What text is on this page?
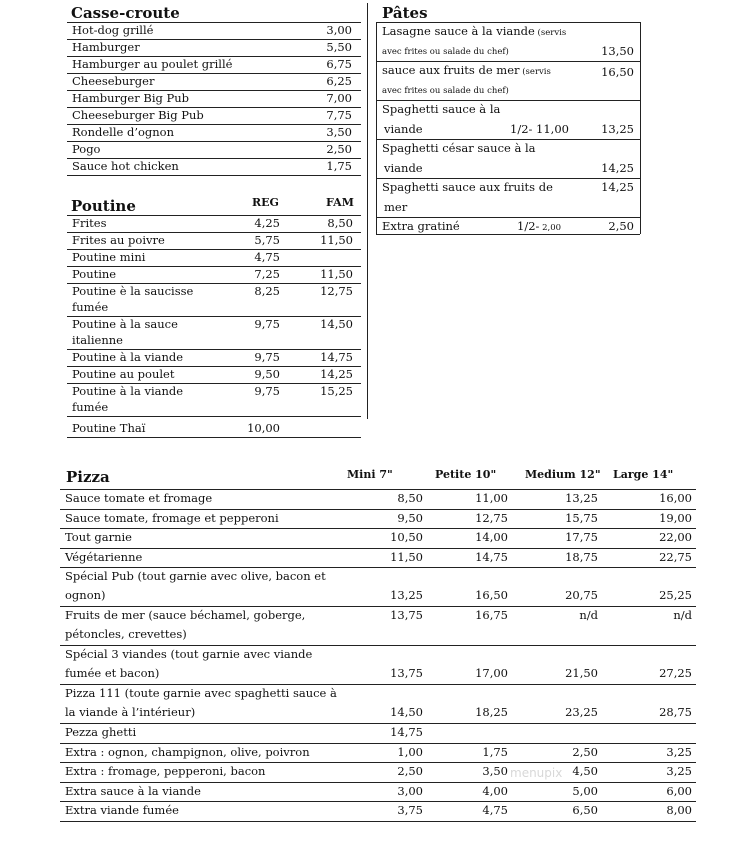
Casse-croute
Hot-dog grillé	3,00
Hamburger	5,50
Hamburger au poulet grillé	6,75
Cheeseburger	6,25
Hamburger Big Pub	7,00
Cheeseburger Big Pub	7,75
Rondelle d’ognon	3,50
Pogo	2,50
Sauce hot chicken	1,75
Poutine	REG	FAM
Frites	4,25	8,50
Frites au poivre	5,75	11,50
Poutine mini	4,75
Poutine	7,25	11,50
Poutine è la saucisse
fumée
8,25	12,75
Poutine à la sauce
italienne
9,75	14,50
Poutine à la viande	9,75	14,75
Poutine au poulet	9,50	14,25
Poutine à la viande
fumée
9,75	15,25
Poutine Thaï	10,00
Pâtes
Lasagne sauce à la viande (servis
avec frites ou salade du chef)	13,50
sauce aux fruits de mer (servis
avec frites ou salade du chef)
16,50
Spaghetti sauce à la
viande	1/2- 11,00	13,25
Spaghetti césar sauce à la
viande	14,25
Spaghetti sauce aux fruits de
mer
14,25
Extra gratiné	1/2- 2,00	2,50
Pizza	Mini 7"	Petite 10"	Medium 12" Large 14"
Sauce tomate et fromage	8,50	11,00	13,25	16,00
Sauce tomate, fromage et pepperoni	9,50	12,75	15,75	19,00
Tout garnie	10,50	14,00	17,75	22,00
Végétarienne	11,50	14,75	18,75	22,75
Spécial Pub (tout garnie avec olive, bacon et
ognon)	13,25	16,50	20,75	25,25
Fruits de mer (sauce béchamel, goberge,
pétoncles, crevettes)
13,75	16,75	n/d	n/d
Spécial 3 viandes (tout garnie avec viande
fumée et bacon)	13,75	17,00	21,50	27,25
Pizza 111 (toute garnie avec spaghetti sauce à
la viande à l’intérieur)	14,50	18,25	23,25	28,75
Pezza ghetti	14,75
Extra : ognon, champignon, olive, poivron	1,00	1,75	2,50	3,25
Extra : fromage, pepperoni, bacon	2,50	3,50	4,50	3,25
Extra sauce à la viande	3,00	4,00	5,00	6,00
Extra viande fumée	3,75	4,75	6,50	8,00
menupix
